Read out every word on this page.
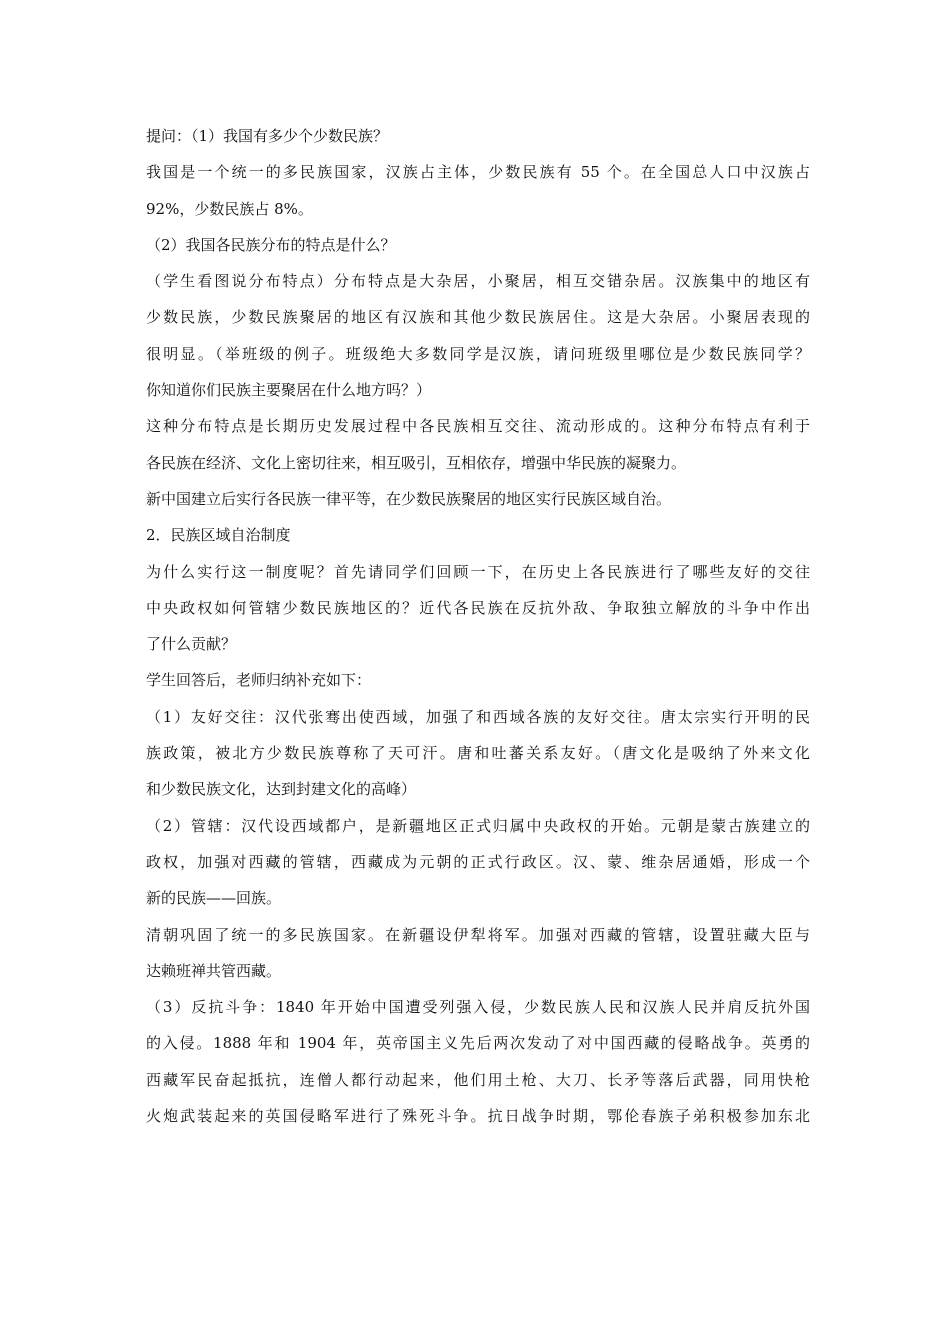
提问：（1）我国有多少个少数民族？
我国是一个统一的多民族国家，汉族占主体，少数民族有 55 个。在全国总人口中汉族占
92%，少数民族占 8%。
（2）我国各民族分布的特点是什么？
（学生看图说分布特点）分布特点是大杂居，小聚居，相互交错杂居。汉族集中的地区有
少数民族，少数民族聚居的地区有汉族和其他少数民族居住。这是大杂居。小聚居表现的
很明显。（举班级的例子。班级绝大多数同学是汉族，请问班级里哪位是少数民族同学？
你知道你们民族主要聚居在什么地方吗？）
这种分布特点是长期历史发展过程中各民族相互交往、流动形成的。这种分布特点有利于
各民族在经济、文化上密切往来，相互吸引，互相依存，增强中华民族的凝聚力。
新中国建立后实行各民族一律平等，在少数民族聚居的地区实行民族区域自治。
2．民族区域自治制度
为什么实行这一制度呢？首先请同学们回顾一下，在历史上各民族进行了哪些友好的交往
中央政权如何管辖少数民族地区的？近代各民族在反抗外敌、争取独立解放的斗争中作出
了什么贡献？
学生回答后，老师归纳补充如下：
（1）友好交往：汉代张骞出使西域，加强了和西域各族的友好交往。唐太宗实行开明的民
族政策，被北方少数民族尊称了天可汗。唐和吐蕃关系友好。（唐文化是吸纳了外来文化
和少数民族文化，达到封建文化的高峰）
（2）管辖：汉代设西域都户，是新疆地区正式归属中央政权的开始。元朝是蒙古族建立的
政权，加强对西藏的管辖，西藏成为元朝的正式行政区。汉、蒙、维杂居通婚，形成一个
新的民族——回族。
清朝巩固了统一的多民族国家。在新疆设伊犁将军。加强对西藏的管辖，设置驻藏大臣与
达赖班禅共管西藏。
（3）反抗斗争：1840 年开始中国遭受列强入侵，少数民族人民和汉族人民并肩反抗外国
的入侵。1888 年和 1904 年，英帝国主义先后两次发动了对中国西藏的侵略战争。英勇的
西藏军民奋起抵抗，连僧人都行动起来，他们用土枪、大刀、长矛等落后武器，同用快枪
火炮武装起来的英国侵略军进行了殊死斗争。抗日战争时期，鄂伦春族子弟积极参加东北
